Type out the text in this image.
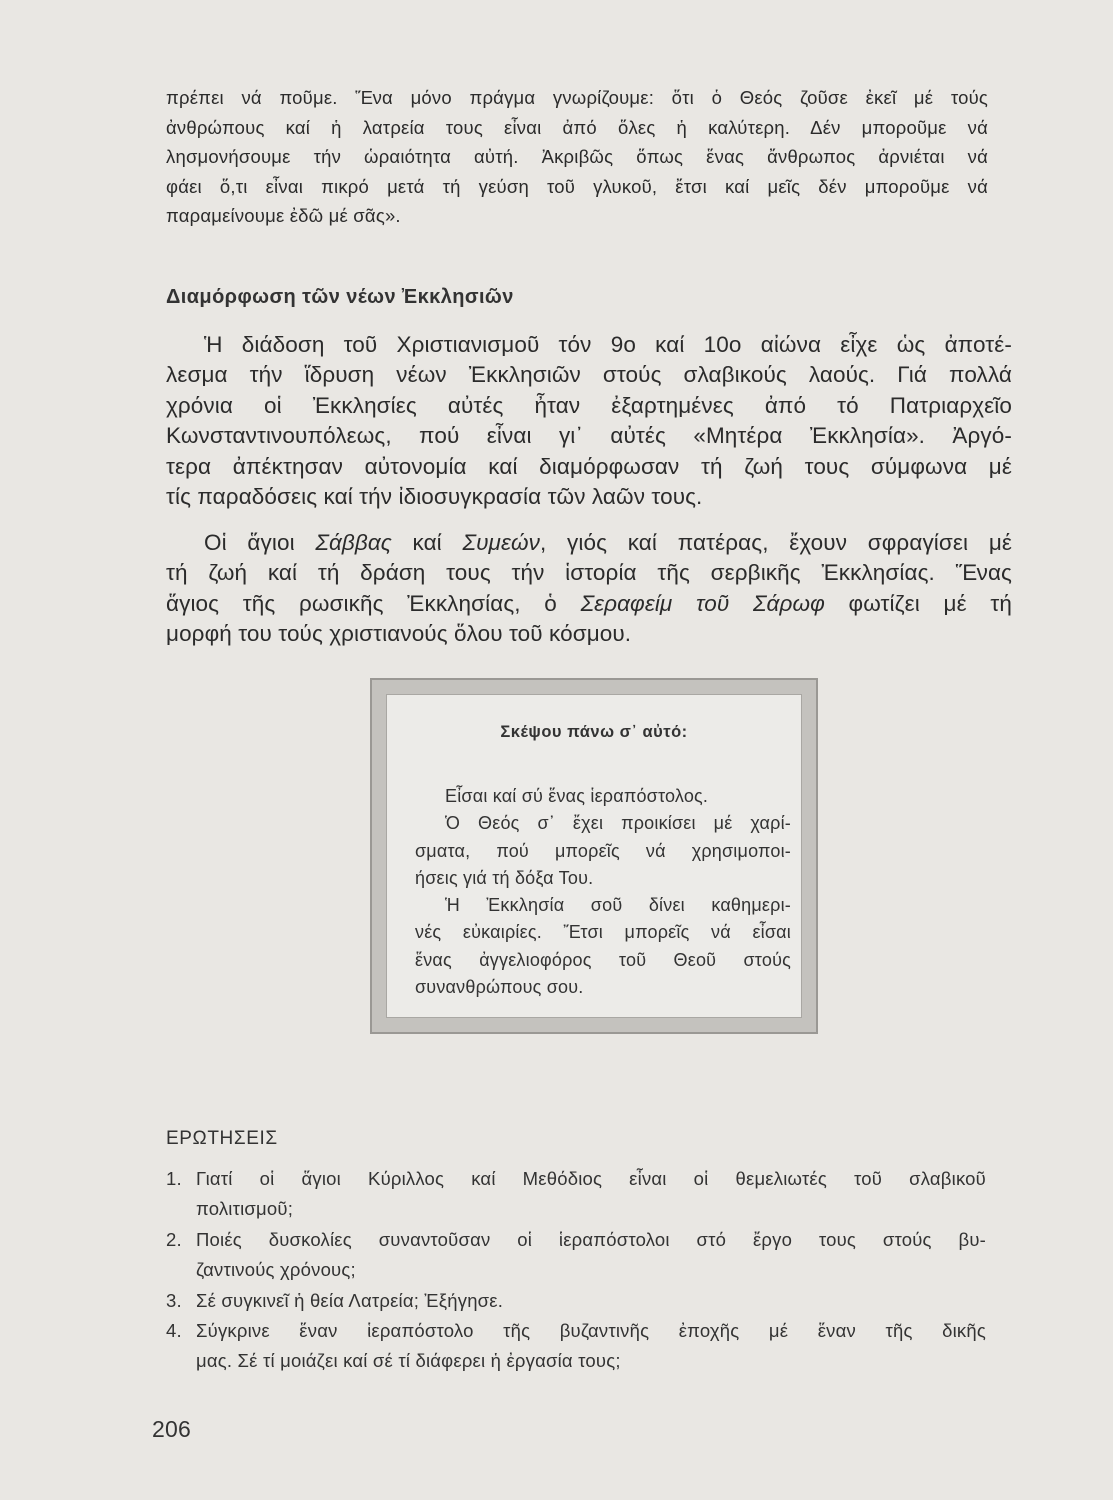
πρέπει νά ποῦμε. Ἕνα μόνο πράγμα γνωρίζουμε: ὅτι ὁ Θεός ζοῦσε ἐκεῖ μέ τούς
ἀνθρώπους καί ἡ λατρεία τους εἶναι ἀπό ὅλες ἡ καλύτερη. Δέν μποροῦμε νά
λησμονήσουμε τήν ὡραιότητα αὐτή. Ἀκριβῶς ὅπως ἕνας ἄνθρωπος ἀρνιέται νά
φάει ὅ,τι εἶναι πικρό μετά τή γεύση τοῦ γλυκοῦ, ἔτσι καί μεῖς δέν μποροῦμε νά
παραμείνουμε ἐδῶ μέ σᾶς».

Διαμόρφωση τῶν νέων Ἐκκλησιῶν

Ἡ διάδοση τοῦ Χριστιανισμοῦ τόν 9ο καί 10ο αἰώνα εἶχε ὡς ἀποτέ-
λεσμα τήν ἵδρυση νέων Ἐκκλησιῶν στούς σλαβικούς λαούς. Γιά πολλά
χρόνια οἱ Ἐκκλησίες αὐτές ἦταν ἐξαρτημένες ἀπό τό Πατριαρχεῖο
Κωνσταντινουπόλεως, πού εἶναι γι᾽ αὐτές «Μητέρα Ἐκκλησία». Ἀργό-
τερα ἀπέκτησαν αὐτονομία καί διαμόρφωσαν τή ζωή τους σύμφωνα μέ
τίς παραδόσεις καί τήν ἰδιοσυγκρασία τῶν λαῶν τους.

Οἱ ἅγιοι Σάββας καί Συμεών, γιός καί πατέρας, ἔχουν σφραγίσει μέ
τή ζωή καί τή δράση τους τήν ἱστορία τῆς σερβικῆς Ἐκκλησίας. Ἕνας
ἅγιος τῆς ρωσικῆς Ἐκκλησίας, ὁ Σεραφείμ τοῦ Σάρωφ φωτίζει μέ τή
μορφή του τούς χριστιανούς ὅλου τοῦ κόσμου.

Σκέψου πάνω σ᾽ αὐτό:

Εἶσαι καί σύ ἕνας ἱεραπόστολος.
Ὁ Θεός σ᾽ ἔχει προικίσει μέ χαρί-
σματα, πού μπορεῖς νά χρησιμοποι-
ήσεις γιά τή δόξα Του.
Ἡ Ἐκκλησία σοῦ δίνει καθημερι-
νές εὐκαιρίες. Ἔτσι μπορεῖς νά εἶσαι
ἕνας ἀγγελιοφόρος τοῦ Θεοῦ στούς
συνανθρώπους σου.

ΕΡΩΤΗΣΕΙΣ
1. Γιατί οἱ ἅγιοι Κύριλλος καί Μεθόδιος εἶναι οἱ θεμελιωτές τοῦ σλαβικοῦ
πολιτισμοῦ;
2. Ποιές δυσκολίες συναντοῦσαν οἱ ἱεραπόστολοι στό ἔργο τους στούς βυ-
ζαντινούς χρόνους;
3. Σέ συγκινεῖ ἡ θεία Λατρεία; Ἐξήγησε.
4. Σύγκρινε ἕναν ἱεραπόστολο τῆς βυζαντινῆς ἐποχῆς μέ ἕναν τῆς δικῆς
μας. Σέ τί μοιάζει καί σέ τί διάφερει ἡ ἐργασία τους;
206
